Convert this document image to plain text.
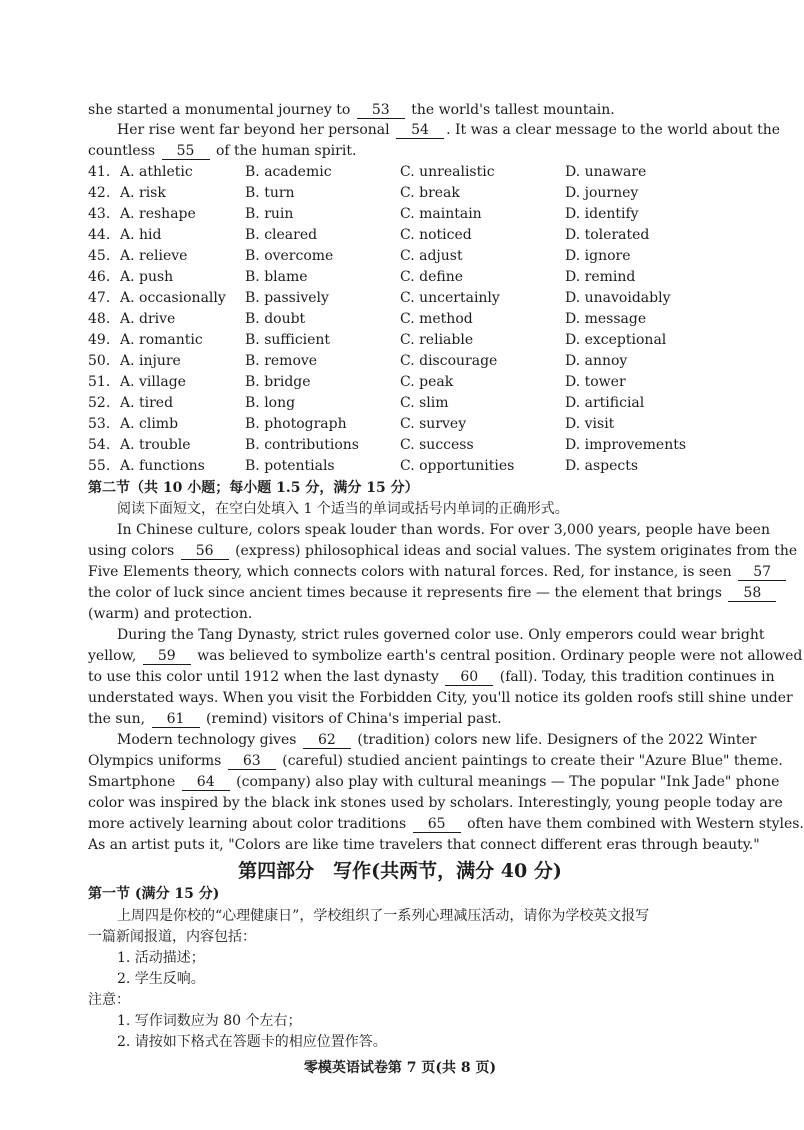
she started a monumental journey to 53 the world's tallest mountain.
Her rise went far beyond her personal 54 . It was a clear message to the world about the
countless 55 of the human spirit.
41. A. athletic	B. academic	C. unrealistic	D. unaware
42. A. risk	B. turn	C. break	D. journey
43. A. reshape	B. ruin	C. maintain	D. identify
44. A. hid	B. cleared	C. noticed	D. tolerated
45. A. relieve	B. overcome	C. adjust	D. ignore
46. A. push	B. blame	C. define	D. remind
47. A. occasionally B. passively	C. uncertainly	D. unavoidably
48. A. drive	B. doubt	C. method	D. message
49. A. romantic	B. sufficient	C. reliable	D. exceptional
50. A. injure	B. remove	C. discourage	D. annoy
51. A. village	B. bridge	C. peak	D. tower
52. A. tired	B. long	C. slim	D. artificial
53. A. climb	B. photograph	C. survey	D. visit
54. A. trouble	B. contributions	C. success	D. improvements
55. A. functions	B. potentials	C. opportunities	D. aspects
第二节（共 10 小题；每小题 1.5 分，满分 15 分）
阅读下面短文，在空白处填入 1 个适当的单词或括号内单词的正确形式。
In Chinese culture, colors speak louder than words. For over 3,000 years, people have been
using colors 56 (express) philosophical ideas and social values. The system originates from the
Five Elements theory, which connects colors with natural forces. Red, for instance, is seen 57
the color of luck since ancient times because it represents fire — the element that brings 58
(warm) and protection.
During the Tang Dynasty, strict rules governed color use. Only emperors could wear bright
yellow, 59 was believed to symbolize earth's central position. Ordinary people were not allowed
to use this color until 1912 when the last dynasty 60 (fall). Today, this tradition continues in
understated ways. When you visit the Forbidden City, you'll notice its golden roofs still shine under
the sun, 61 (remind) visitors of China's imperial past.
Modern technology gives 62 (tradition) colors new life. Designers of the 2022 Winter
Olympics uniforms 63 (careful) studied ancient paintings to create their "Azure Blue" theme.
Smartphone 64 (company) also play with cultural meanings — The popular "Ink Jade" phone
color was inspired by the black ink stones used by scholars. Interestingly, young people today are
more actively learning about color traditions 65 often have them combined with Western styles.
As an artist puts it, "Colors are like time travelers that connect different eras through beauty."
第四部分　写作(共两节，满分 40 分)
第一节 (满分 15 分)
上周四是你校的“心理健康日”，学校组织了一系列心理减压活动，请你为学校英文报写
一篇新闻报道，内容包括：
1. 活动描述；
2. 学生反响。
注意：
1. 写作词数应为 80 个左右；
2. 请按如下格式在答题卡的相应位置作答。
零模英语试卷第 7 页(共 8 页)
